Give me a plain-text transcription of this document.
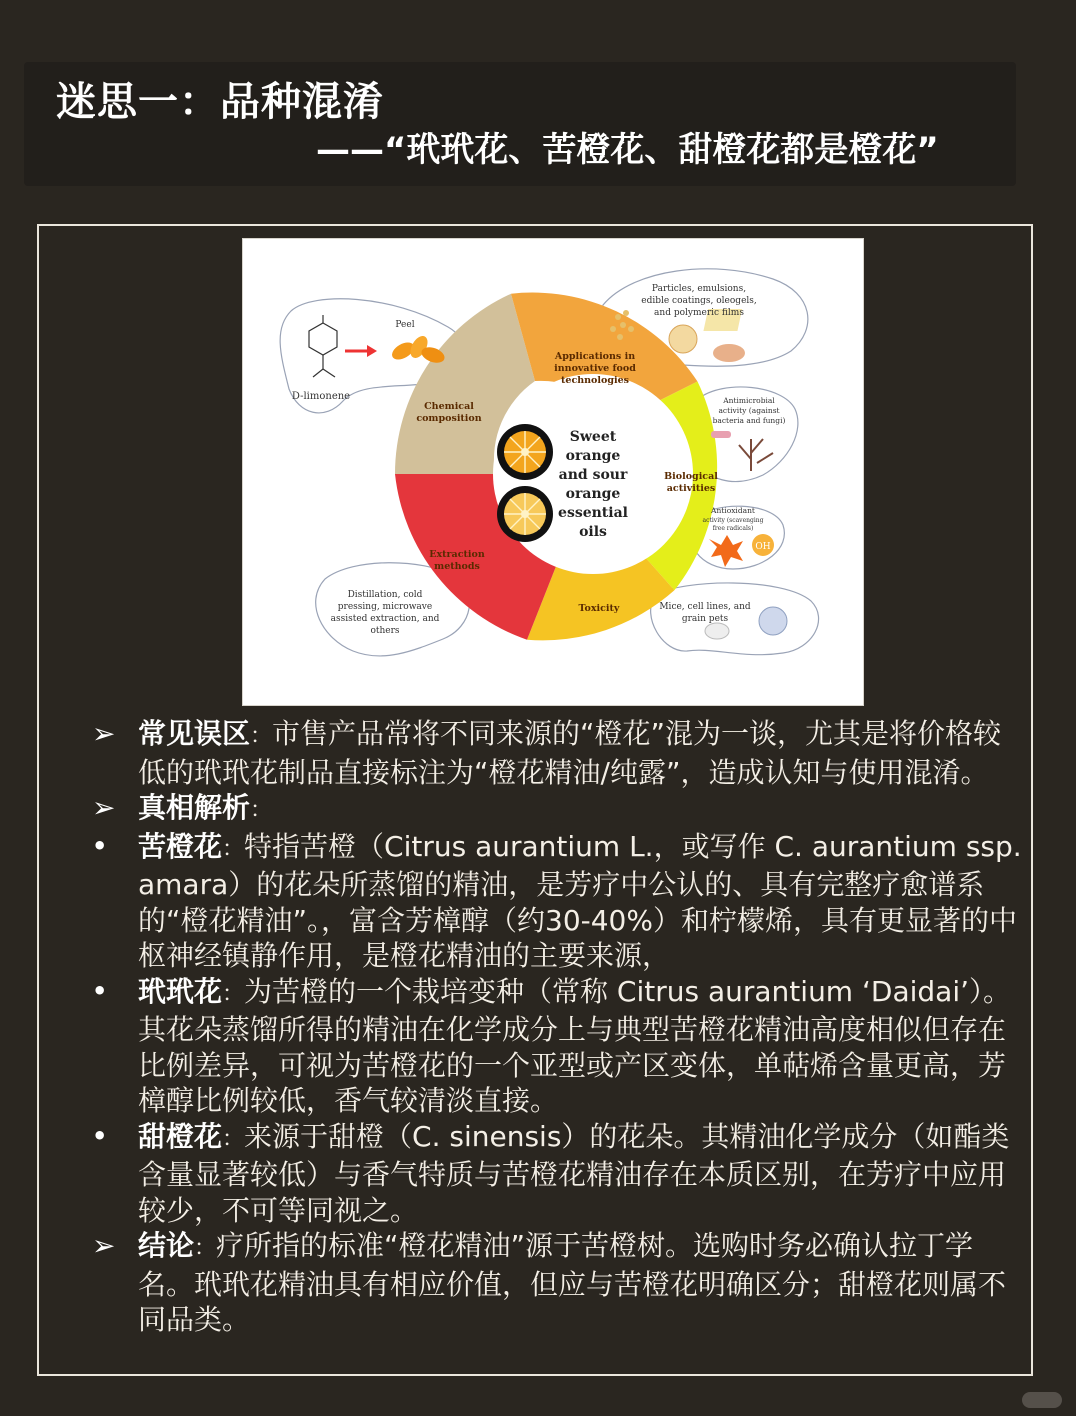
迷思一：品种混淆
——“玳玳花、苦橙花、甜橙花都是橙花”
OH
Sweet
orange
and sour
orange
essential
oils
Chemical
composition
Applications in
innovative food
technologies
Biological
activities
Toxicity
Extraction
methods
Peel
D-limonene
Particles, emulsions,
edible coatings, oleogels,
and polymeric films
Antimicrobial
activity (against
bacteria and fungi)
Antioxidant
activity (scavenging
free radicals)
Mice, cell lines, and
grain pets
Distillation, cold
pressing, microwave
assisted extraction, and
others
➢ 常见误区：市售产品常将不同来源的“橙花”混为一谈，尤其是将价格较低的玳玳花制品直接标注为“橙花精油/纯露”，造成认知与使用混淆。
➢ 真相解析：
• 苦橙花：特指苦橙（Citrus aurantium L.，或写作 C. aurantium ssp. amara）的花朵所蒸馏的精油，是芳疗中公认的、具有完整疗愈谱系的“橙花精油”。，富含芳樟醇（约30-40%）和柠檬烯，具有更显著的中枢神经镇静作用，是橙花精油的主要来源，
• 玳玳花：为苦橙的一个栽培变种（常称 Citrus aurantium ‘Daidai’）。其花朵蒸馏所得的精油在化学成分上与典型苦橙花精油高度相似但存在比例差异，可视为苦橙花的一个亚型或产区变体，单萜烯含量更高，芳樟醇比例较低，香气较清淡直接。
• 甜橙花：来源于甜橙（C. sinensis）的花朵。其精油化学成分（如酯类含量显著较低）与香气特质与苦橙花精油存在本质区别，在芳疗中应用较少，不可等同视之。
➢ 结论：疗所指的标准“橙花精油”源于苦橙树。选购时务必确认拉丁学名。玳玳花精油具有相应价值，但应与苦橙花明确区分；甜橙花则属不同品类。
